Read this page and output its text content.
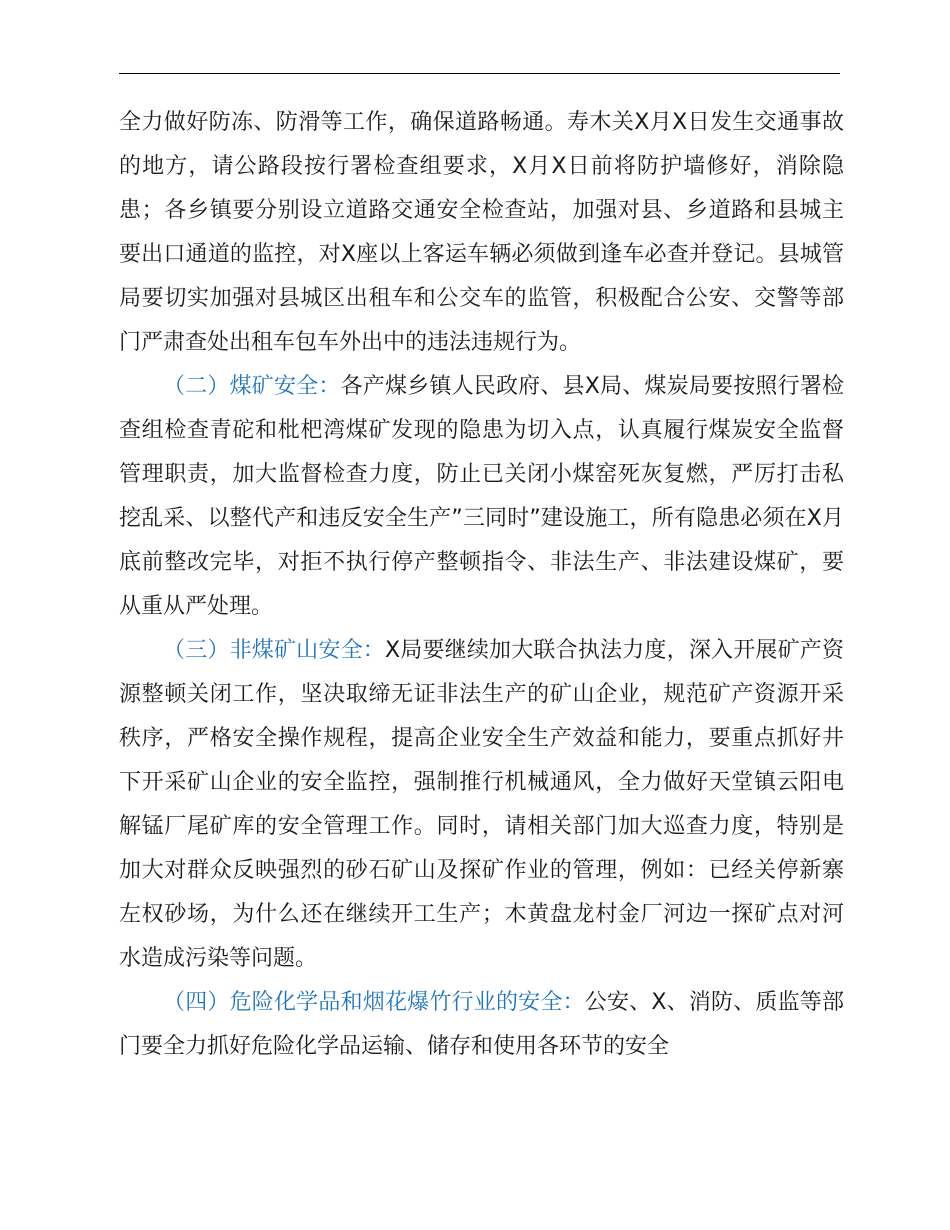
全力做好防冻、防滑等工作，确保道路畅通。寿木关X月X日发生交通事故的地方，请公路段按行署检查组要求，X月X日前将防护墙修好，消除隐患；各乡镇要分别设立道路交通安全检查站，加强对县、乡道路和县城主要出口通道的监控，对X座以上客运车辆必须做到逢车必查并登记。县城管局要切实加强对县城区出租车和公交车的监管，积极配合公安、交警等部门严肃查处出租车包车外出中的违法违规行为。

（二）煤矿安全：各产煤乡镇人民政府、县X局、煤炭局要按照行署检查组检查青砣和枇杷湾煤矿发现的隐患为切入点，认真履行煤炭安全监督管理职责，加大监督检查力度，防止已关闭小煤窑死灰复燃，严厉打击私挖乱采、以整代产和违反安全生产”三同时”建设施工，所有隐患必须在X月底前整改完毕，对拒不执行停产整顿指令、非法生产、非法建设煤矿，要从重从严处理。

（三）非煤矿山安全：X局要继续加大联合执法力度，深入开展矿产资源整顿关闭工作，坚决取缔无证非法生产的矿山企业，规范矿产资源开采秩序，严格安全操作规程，提高企业安全生产效益和能力，要重点抓好井下开采矿山企业的安全监控，强制推行机械通风，全力做好天堂镇云阳电解锰厂尾矿库的安全管理工作。同时，请相关部门加大巡查力度，特别是加大对群众反映强烈的砂石矿山及探矿作业的管理，例如：已经关停新寨左权砂场，为什么还在继续开工生产；木黄盘龙村金厂河边一探矿点对河水造成污染等问题。

（四）危险化学品和烟花爆竹行业的安全：公安、X、消防、质监等部门要全力抓好危险化学品运输、储存和使用各环节的安全
